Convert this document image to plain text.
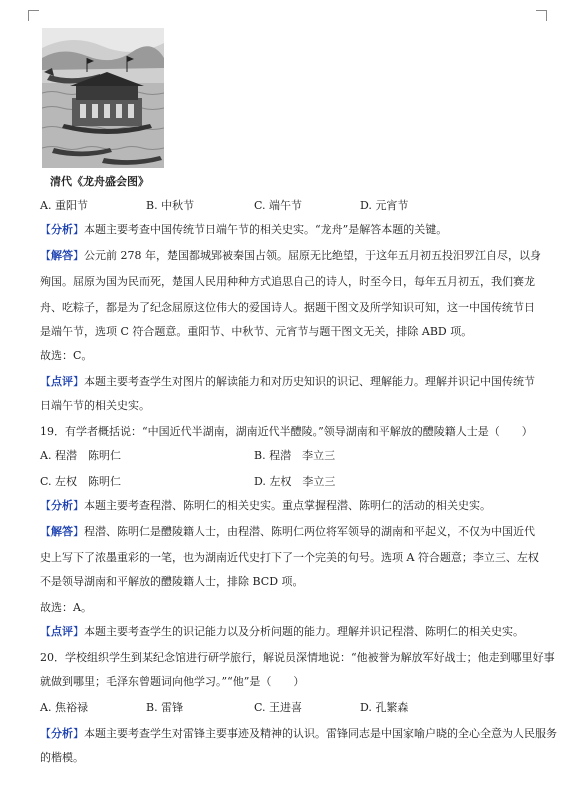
清代《龙舟盛会图》
A. 重阳节	B. 中秋节	C. 端午节	D. 元宵节
【分析】本题主要考查中国传统节日端午节的相关史实。“龙舟”是解答本题的关键。
【解答】公元前 278 年，楚国都城郢被秦国占领。屈原无比绝望，于这年五月初五投汨罗江自尽，以身
殉国。屈原为国为民而死，楚国人民用种种方式追思自己的诗人，时至今日，每年五月初五，我们赛龙
舟、吃粽子，都是为了纪念屈原这位伟大的爱国诗人。据题干图文及所学知识可知，这一中国传统节日
是端午节，选项 C 符合题意。重阳节、中秋节、元宵节与题干图文无关，排除 ABD 项。
故选：C。
【点评】本题主要考查学生对图片的解读能力和对历史知识的识记、理解能力。理解并识记中国传统节
日端午节的相关史实。
19．有学者概括说：“中国近代半湖南，湖南近代半醴陵。”领导湖南和平解放的醴陵籍人士是（　　）
A. 程潜　陈明仁	B. 程潜　李立三
C. 左权　陈明仁	D. 左权　李立三
【分析】本题主要考查程潜、陈明仁的相关史实。重点掌握程潜、陈明仁的活动的相关史实。
【解答】程潜、陈明仁是醴陵籍人士，由程潜、陈明仁两位将军领导的湖南和平起义，不仅为中国近代
史上写下了浓墨重彩的一笔，也为湖南近代史打下了一个完美的句号。选项 A 符合题意；李立三、左权
不是领导湖南和平解放的醴陵籍人士，排除 BCD 项。
故选：A。
【点评】本题主要考查学生的识记能力以及分析问题的能力。理解并识记程潜、陈明仁的相关史实。
20．学校组织学生到某纪念馆进行研学旅行，解说员深情地说：“他被誉为解放军好战士；他走到哪里好事
就做到哪里；毛泽东曾题词向他学习。”“他”是（　　）
A. 焦裕禄	B. 雷锋	C. 王进喜	D. 孔繁森
【分析】本题主要考查学生对雷锋主要事迹及精神的认识。雷锋同志是中国家喻户晓的全心全意为人民服务
的楷模。
